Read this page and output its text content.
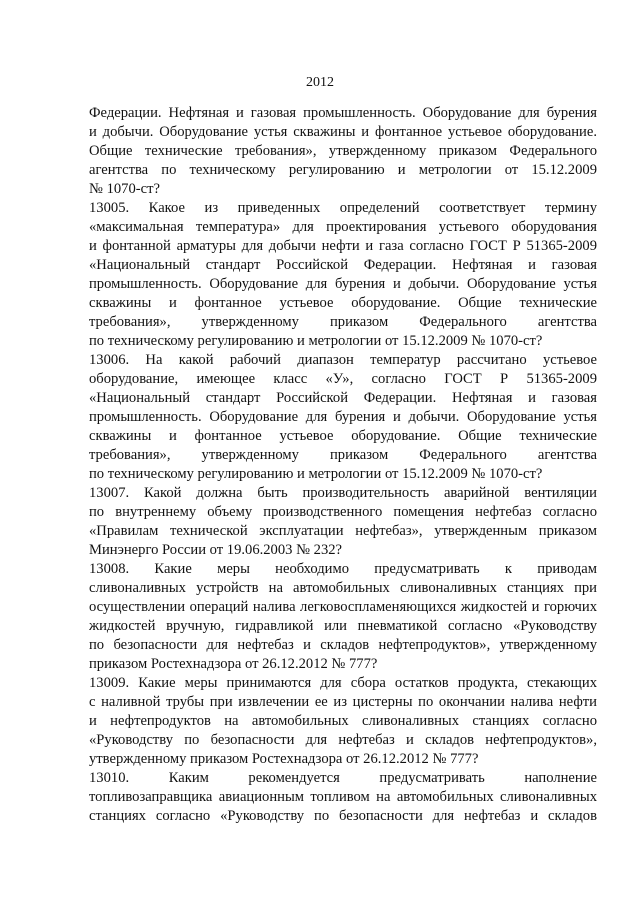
2012
Федерации. Нефтяная и газовая промышленность. Оборудование для бурения
и добычи. Оборудование устья скважины и фонтанное устьевое оборудование.
Общие технические требования», утвержденному приказом Федерального
агентства по техническому регулированию и метрологии от 15.12.2009
№ 1070-ст?
13005. Какое из приведенных определений соответствует термину
«максимальная температура» для проектирования устьевого оборудования
и фонтанной арматуры для добычи нефти и газа согласно ГОСТ Р 51365-2009
«Национальный стандарт Российской Федерации. Нефтяная и газовая
промышленность. Оборудование для бурения и добычи. Оборудование устья
скважины и фонтанное устьевое оборудование. Общие технические
требования», утвержденному приказом Федерального агентства
по техническому регулированию и метрологии от 15.12.2009 № 1070-ст?
13006. На какой рабочий диапазон температур рассчитано устьевое
оборудование, имеющее класс «У», согласно ГОСТ Р 51365-2009
«Национальный стандарт Российской Федерации. Нефтяная и газовая
промышленность. Оборудование для бурения и добычи. Оборудование устья
скважины и фонтанное устьевое оборудование. Общие технические
требования», утвержденному приказом Федерального агентства
по техническому регулированию и метрологии от 15.12.2009 № 1070-ст?
13007. Какой должна быть производительность аварийной вентиляции
по внутреннему объему производственного помещения нефтебаз согласно
«Правилам технической эксплуатации нефтебаз», утвержденным приказом
Минэнерго России от 19.06.2003 № 232?
13008. Какие меры необходимо предусматривать к приводам
сливоналивных устройств на автомобильных сливоналивных станциях при
осуществлении операций налива легковоспламеняющихся жидкостей и горючих
жидкостей вручную, гидравликой или пневматикой согласно «Руководству
по безопасности для нефтебаз и складов нефтепродуктов», утвержденному
приказом Ростехнадзора от 26.12.2012 № 777?
13009. Какие меры принимаются для сбора остатков продукта, стекающих
с наливной трубы при извлечении ее из цистерны по окончании налива нефти
и нефтепродуктов на автомобильных сливоналивных станциях согласно
«Руководству по безопасности для нефтебаз и складов нефтепродуктов»,
утвержденному приказом Ростехнадзора от 26.12.2012 № 777?
13010. Каким рекомендуется предусматривать наполнение
топливозаправщика авиационным топливом на автомобильных сливоналивных
станциях согласно «Руководству по безопасности для нефтебаз и складов
